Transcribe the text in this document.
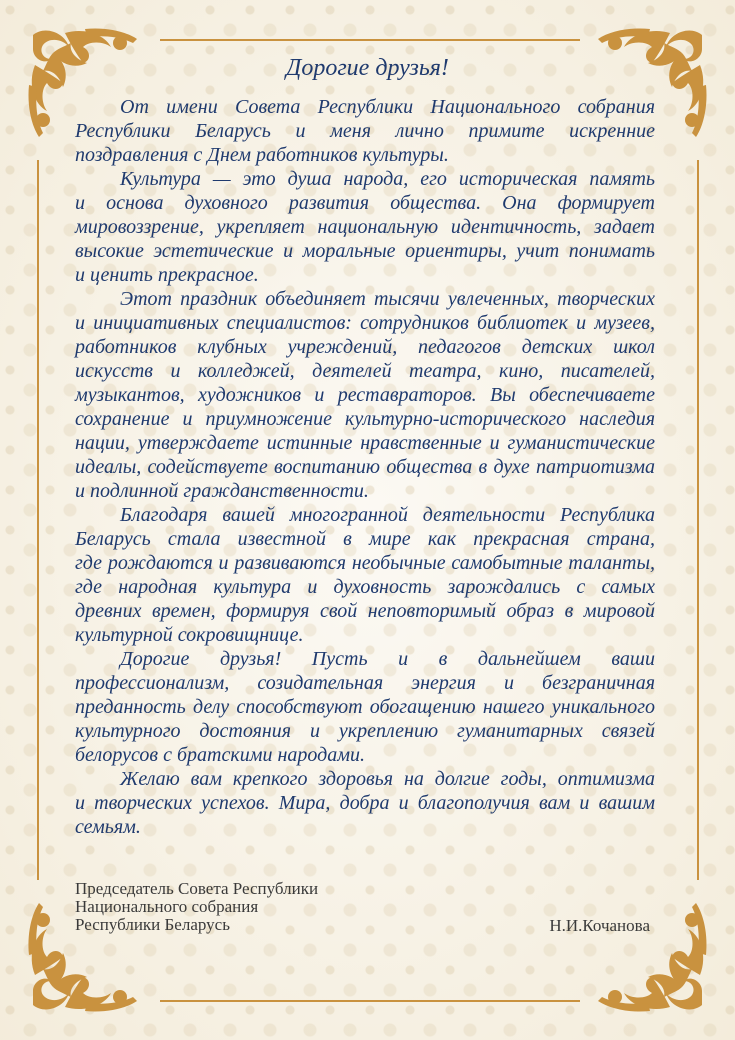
Дорогие друзья!
От имени Совета Республики Национального собрания
Республики Беларусь и меня лично примите искренние
поздравления с Днем работников культуры.
Культура — это душа народа, его историческая память
и основа духовного развития общества. Она формирует
мировоззрение, укрепляет национальную идентичность, задает
высокие эстетические и моральные ориентиры, учит понимать
и ценить прекрасное.
Этот праздник объединяет тысячи увлеченных, творческих
и инициативных специалистов: сотрудников библиотек и музеев,
работников клубных учреждений, педагогов детских школ
искусств и колледжей, деятелей театра, кино, писателей,
музыкантов, художников и реставраторов. Вы обеспечиваете
сохранение и приумножение культурно-исторического наследия
нации, утверждаете истинные нравственные и гуманистические
идеалы, содействуете воспитанию общества в духе патриотизма
и подлинной гражданственности.
Благодаря вашей многогранной деятельности Республика
Беларусь стала известной в мире как прекрасная страна,
где рождаются и развиваются необычные самобытные таланты,
где народная культура и духовность зарождались с самых
древних времен, формируя свой неповторимый образ в мировой
культурной сокровищнице.
Дорогие друзья! Пусть и в дальнейшем ваши
профессионализм, созидательная энергия и безграничная
преданность делу способствуют обогащению нашего уникального
культурного достояния и укреплению гуманитарных связей
белорусов с братскими народами.
Желаю вам крепкого здоровья на долгие годы, оптимизма
и творческих успехов. Мира, добра и благополучия вам и вашим
семьям.
Председатель Совета Республики
Национального собрания
Республики Беларусь	Н.И.Кочанова
